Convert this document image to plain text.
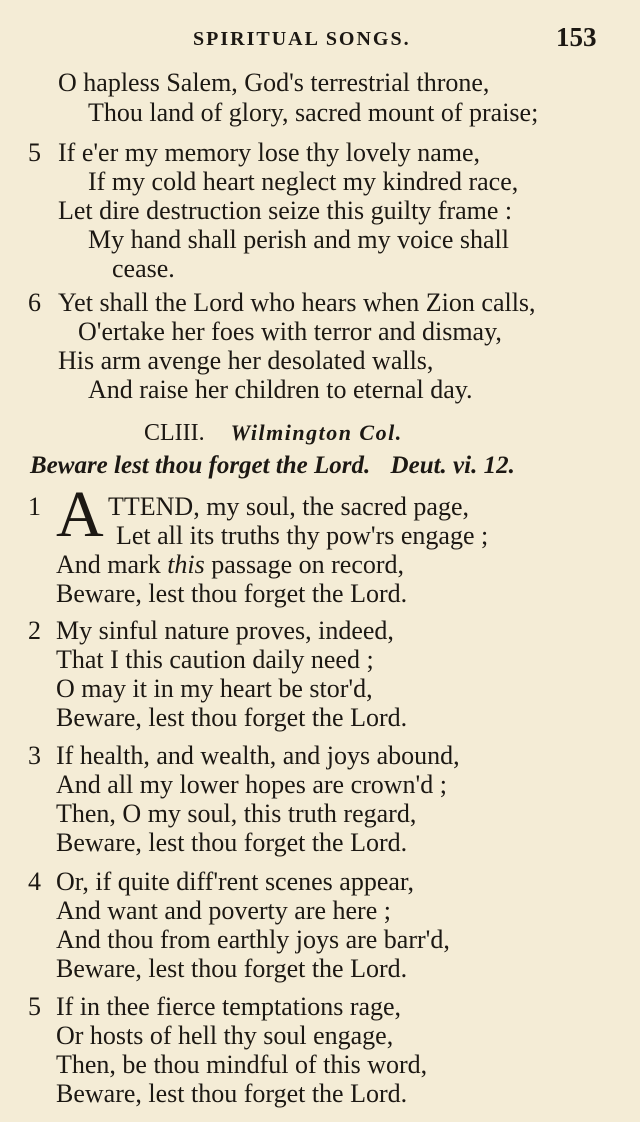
SPIRITUAL SONGS.	153
O hapless Salem, God's terrestrial throne,
Thou land of glory, sacred mount of praise;
5 If e'er my memory lose thy lovely name,
If my cold heart neglect my kindred race,
Let dire destruction seize this guilty frame :
My hand shall perish and my voice shall
cease.
6 Yet shall the Lord who hears when Zion calls,
O'ertake her foes with terror and dismay,
His arm avenge her desolated walls,
And raise her children to eternal day.
CLIII. Wilmington Col.
Beware lest thou forget the Lord. Deut. vi. 12.
A
1	TTEND, my soul, the sacred page,
Let all its truths thy pow'rs engage ;
And mark this passage on record,
Beware, lest thou forget the Lord.
2 My sinful nature proves, indeed,
That I this caution daily need ;
O may it in my heart be stor'd,
Beware, lest thou forget the Lord.
3 If health, and wealth, and joys abound,
And all my lower hopes are crown'd ;
Then, O my soul, this truth regard,
Beware, lest thou forget the Lord.
4 Or, if quite diff'rent scenes appear,
And want and poverty are here ;
And thou from earthly joys are barr'd,
Beware, lest thou forget the Lord.
5 If in thee fierce temptations rage,
Or hosts of hell thy soul engage,
Then, be thou mindful of this word,
Beware, lest thou forget the Lord.
